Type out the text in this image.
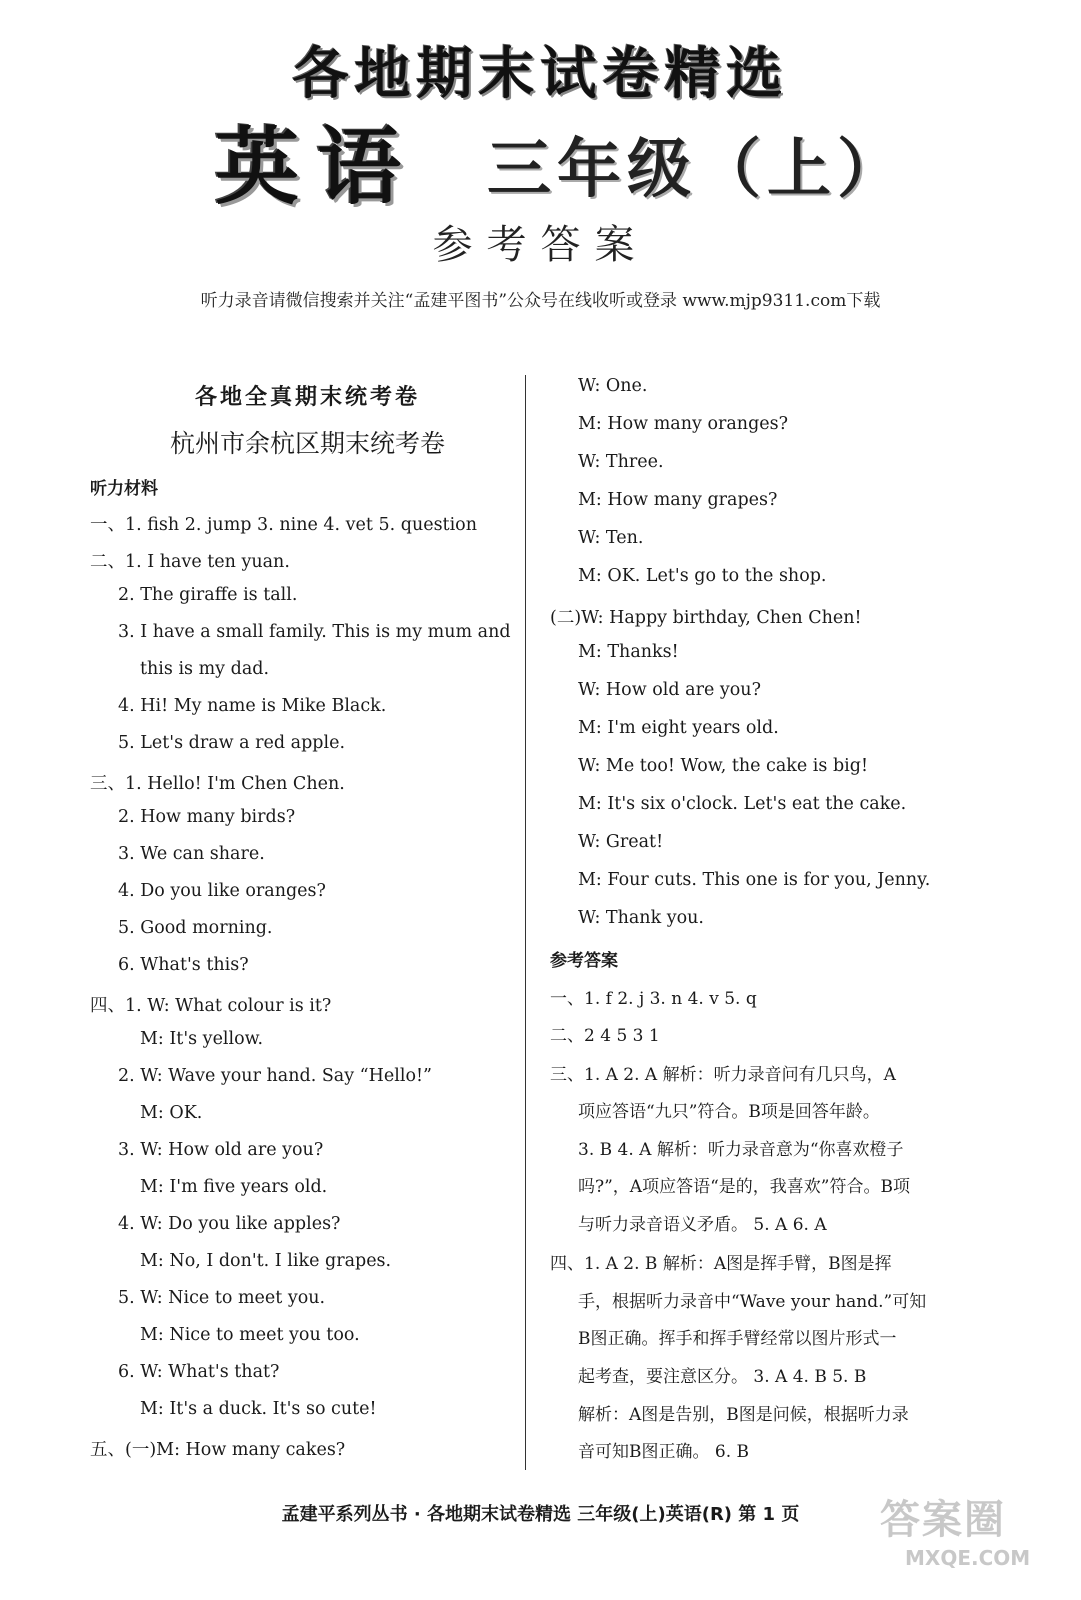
各地期末试卷精选
英语 三年级（上）
参考答案
听力录音请微信搜索并关注“孟建平图书”公众号在线收听或登录 www.mjp9311.com下载
各地全真期末统考卷
杭州市余杭区期末统考卷
听力材料
一、1. fish 2. jump 3. nine 4. vet 5. question
二、1. I have ten yuan.
2. The giraffe is tall.
3. I have a small family. This is my mum and
this is my dad.
4. Hi! My name is Mike Black.
5. Let's draw a red apple.
三、1. Hello! I'm Chen Chen.
2. How many birds?
3. We can share.
4. Do you like oranges?
5. Good morning.
6. What's this?
四、1. W: What colour is it?
M: It's yellow.
2. W: Wave your hand. Say “Hello!”
M: OK.
3. W: How old are you?
M: I'm five years old.
4. W: Do you like apples?
M: No, I don't. I like grapes.
5. W: Nice to meet you.
M: Nice to meet you too.
6. W: What's that?
M: It's a duck. It's so cute!
五、(一)M: How many cakes?
W: One.
M: How many oranges?
W: Three.
M: How many grapes?
W: Ten.
M: OK. Let's go to the shop.
(二)W: Happy birthday, Chen Chen!
M: Thanks!
W: How old are you?
M: I'm eight years old.
W: Me too! Wow, the cake is big!
M: It's six o'clock. Let's eat the cake.
W: Great!
M: Four cuts. This one is for you, Jenny.
W: Thank you.
参考答案
一、1. f 2. j 3. n 4. v 5. q
二、2 4 5 3 1
三、1. A 2. A 解析：听力录音问有几只鸟，A
项应答语“九只”符合。B项是回答年龄。
3. B 4. A 解析：听力录音意为“你喜欢橙子
吗?”，A项应答语“是的，我喜欢”符合。B项
与听力录音语义矛盾。 5. A 6. A
四、1. A 2. B 解析：A图是挥手臂，B图是挥
手，根据听力录音中“Wave your hand.”可知
B图正确。挥手和挥手臂经常以图片形式一
起考查，要注意区分。 3. A 4. B 5. B
解析：A图是告别，B图是问候，根据听力录
音可知B图正确。 6. B
孟建平系列丛书 · 各地期末试卷精选 三年级(上)英语(R) 第 1 页	答案圈
MXQE.COM
